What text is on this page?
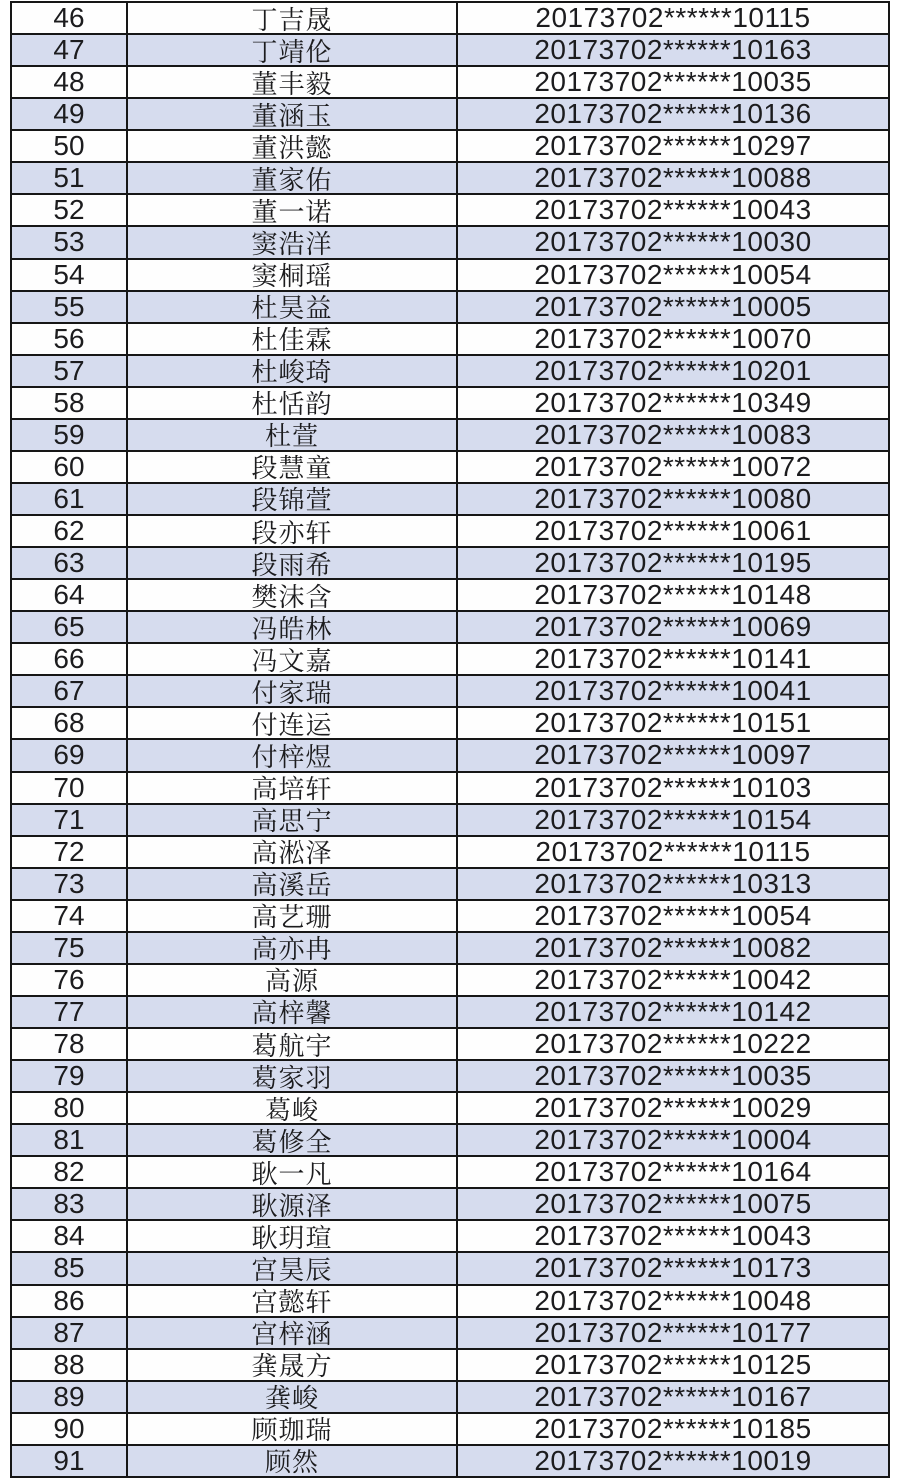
46	丁吉晟	20173702******10115
47	丁靖伦	20173702******10163
48	董丰毅	20173702******10035
49	董涵玉	20173702******10136
50	董洪懿	20173702******10297
51	董家佑	20173702******10088
52	董一诺	20173702******10043
53	窦浩洋	20173702******10030
54	窦桐瑶	20173702******10054
55	杜昊益	20173702******10005
56	杜佳霖	20173702******10070
57	杜峻琦	20173702******10201
58	杜恬韵	20173702******10349
59	杜萱	20173702******10083
60	段慧童	20173702******10072
61	段锦萱	20173702******10080
62	段亦轩	20173702******10061
63	段雨希	20173702******10195
64	樊沫含	20173702******10148
65	冯皓林	20173702******10069
66	冯文嘉	20173702******10141
67	付家瑞	20173702******10041
68	付连运	20173702******10151
69	付梓煜	20173702******10097
70	高培轩	20173702******10103
71	高思宁	20173702******10154
72	高淞泽	20173702******10115
73	高溪岳	20173702******10313
74	高艺珊	20173702******10054
75	高亦冉	20173702******10082
76	高源	20173702******10042
77	高梓馨	20173702******10142
78	葛航宇	20173702******10222
79	葛家羽	20173702******10035
80	葛峻	20173702******10029
81	葛修全	20173702******10004
82	耿一凡	20173702******10164
83	耿源泽	20173702******10075
84	耿玥瑄	20173702******10043
85	宫昊辰	20173702******10173
86	宫懿轩	20173702******10048
87	宫梓涵	20173702******10177
88	龚晟方	20173702******10125
89	龚峻	20173702******10167
90	顾珈瑞	20173702******10185
91	顾然	20173702******10019
